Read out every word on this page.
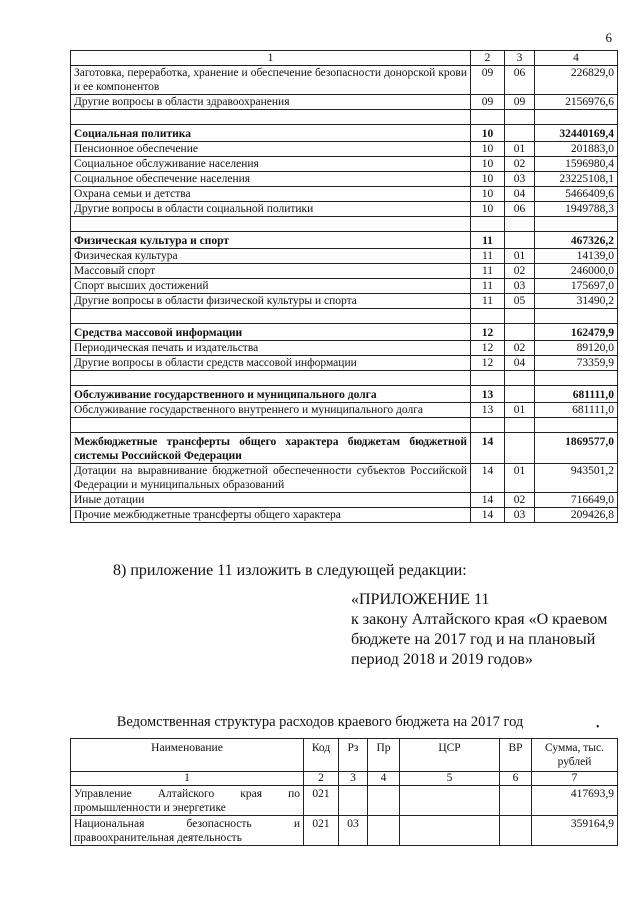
6
1	2	3	4
Заготовка, переработка, хранение и обеспечение безопасности донорской крови и ее компонентов	09	06	226829,0
Другие вопросы в области здравоохранения	09	09	2156976,6

Социальная политика	10		32440169,4
Пенсионное обеспечение	10	01	201883,0
Социальное обслуживание населения	10	02	1596980,4
Социальное обеспечение населения	10	03	23225108,1
Охрана семьи и детства	10	04	5466409,6
Другие вопросы в области социальной политики	10	06	1949788,3

Физическая культура и спорт	11		467326,2
Физическая культура	11	01	14139,0
Массовый спорт	11	02	246000,0
Спорт высших достижений	11	03	175697,0
Другие вопросы в области физической культуры и спорта	11	05	31490,2

Средства массовой информации	12		162479,9
Периодическая печать и издательства	12	02	89120,0
Другие вопросы в области средств массовой информации	12	04	73359,9

Обслуживание государственного и муниципального долга	13		681111,0
Обслуживание государственного внутреннего и муниципального долга	13	01	681111,0

Межбюджетные трансферты общего характера бюджетам бюджетной системы Российской Федерации	14		1869577,0
Дотации на выравнивание бюджетной обеспеченности субъектов Российской Федерации и муниципальных образований	14	01	943501,2
Иные дотации	14	02	716649,0
Прочие межбюджетные трансферты общего характера	14	03	209426,8
8) приложение 11 изложить в следующей редакции:
«ПРИЛОЖЕНИЕ 11
к закону Алтайского края «О краевом
бюджете на 2017 год и на плановый
период 2018 и 2019 годов»
Ведомственная структура расходов краевого бюджета на 2017 год	•
Наименование	Код	Рз	Пр	ЦСР	ВР	Сумма, тыс. рублей
1	2	3	4	5	6	7
Управление Алтайского края по промышленности и энергетике	021					417693,9
Национальная безопасность и правоохранительная деятельность	021	03				359164,9
